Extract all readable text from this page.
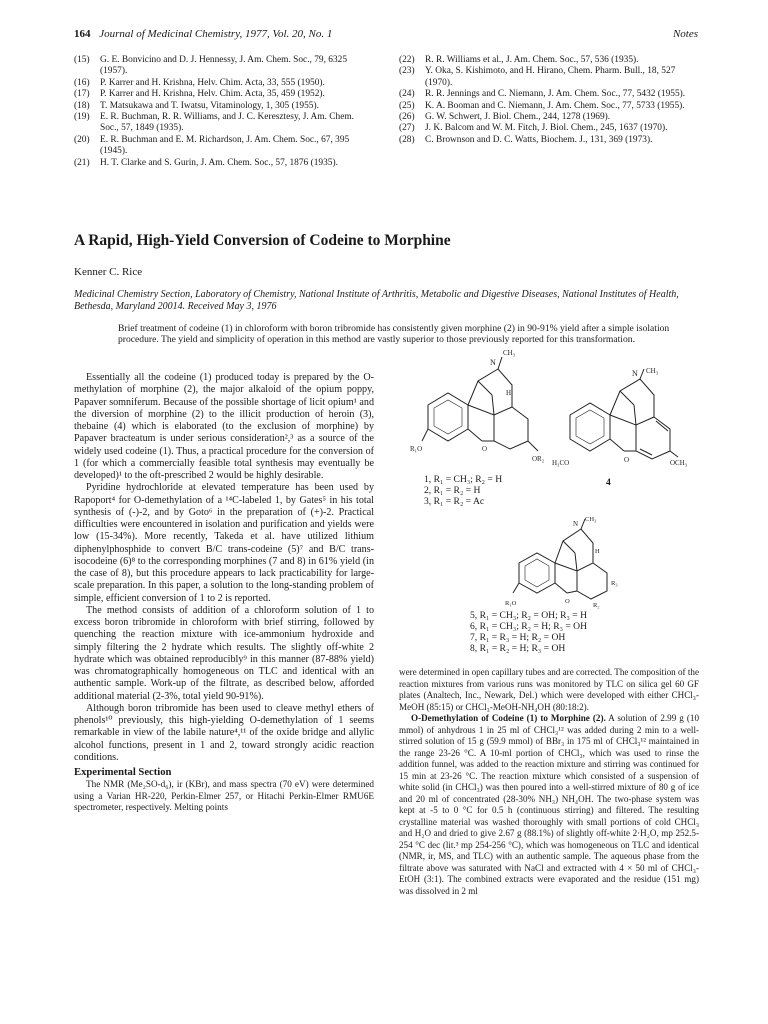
164 Journal of Medicinal Chemistry, 1977, Vol. 20, No. 1	Notes
(15)	G. E. Bonvicino and D. J. Hennessy, J. Am. Chem. Soc., 79, 6325 (1957).
(16)	P. Karrer and H. Krishna, Helv. Chim. Acta, 33, 555 (1950).
(17)	P. Karrer and H. Krishna, Helv. Chim. Acta, 35, 459 (1952).
(18)	T. Matsukawa and T. Iwatsu, Vitaminology, 1, 305 (1955).
(19)	E. R. Buchman, R. R. Williams, and J. C. Keresztesy, J. Am. Chem. Soc., 57, 1849 (1935).
(20)	E. R. Buchman and E. M. Richardson, J. Am. Chem. Soc., 67, 395 (1945).
(21)	H. T. Clarke and S. Gurin, J. Am. Chem. Soc., 57, 1876 (1935).
(22)	R. R. Williams et al., J. Am. Chem. Soc., 57, 536 (1935).
(23)	Y. Oka, S. Kishimoto, and H. Hirano, Chem. Pharm. Bull., 18, 527 (1970).
(24)	R. R. Jennings and C. Niemann, J. Am. Chem. Soc., 77, 5432 (1955).
(25)	K. A. Booman and C. Niemann, J. Am. Chem. Soc., 77, 5733 (1955).
(26)	G. W. Schwert, J. Biol. Chem., 244, 1278 (1969).
(27)	J. K. Balcom and W. M. Fitch, J. Biol. Chem., 245, 1637 (1970).
(28)	C. Brownson and D. C. Watts, Biochem. J., 131, 369 (1973).
A Rapid, High-Yield Conversion of Codeine to Morphine
Kenner C. Rice
Medicinal Chemistry Section, Laboratory of Chemistry, National Institute of Arthritis, Metabolic and Digestive Diseases, National Institutes of Health, Bethesda, Maryland 20014. Received May 3, 1976
Brief treatment of codeine (1) in chloroform with boron tribromide has consistently given morphine (2) in 90-91% yield after a simple isolation procedure. The yield and simplicity of operation in this method are vastly superior to those previously reported for this transformation.

Essentially all the codeine (1) produced today is prepared by the O-methylation of morphine (2), the major alkaloid of the opium poppy, Papaver somniferum. Because of the possible shortage of licit opium¹ and the diversion of morphine (2) to the illicit production of heroin (3), thebaine (4) which is elaborated (to the exclusion of morphine) by Papaver bracteatum is under serious consideration²,³ as a source of the widely used codeine (1). Thus, a practical procedure for the conversion of 1 (for which a commercially feasible total synthesis may eventually be developed)¹ to the oft-prescribed 2 would be highly desirable.

Pyridine hydrochloride at elevated temperature has been used by Rapoport⁴ for O-demethylation of a ¹⁴C-labeled 1, by Gates⁵ in his total synthesis of (-)-2, and by Goto⁶ in the preparation of (+)-2. Practical difficulties were encountered in isolation and purification and yields were low (15-34%). More recently, Takeda et al. have utilized lithium diphenylphosphide to convert B/C trans-codeine (5)⁷ and B/C trans-isocodeine (6)⁸ to the corresponding morphines (7 and 8) in 61% yield (in the case of 8), but this procedure appears to lack practicability for large-scale preparation. In this paper, a solution to the long-standing problem of simple, efficient conversion of 1 to 2 is reported.

The method consists of addition of a chloroform solution of 1 to excess boron tribromide in chloroform with brief stirring, followed by quenching the reaction mixture with ice-ammonium hydroxide and simply filtering the 2 hydrate which results. The slightly off-white 2 hydrate which was obtained reproducibly⁹ in this manner (87-88% yield) was chromatographically homogeneous on TLC and identical with an authentic sample. Work-up of the filtrate, as described below, afforded additional material (2-3%, total yield 90-91%).

Although boron tribromide has been used to cleave methyl ethers of phenols¹⁰ previously, this high-yielding O-demethylation of 1 seems remarkable in view of the labile nature⁴,¹¹ of the oxide bridge and allylic alcohol functions, present in 1 and 2, toward strongly acidic reaction conditions.

Experimental Section

The NMR (Me₂SO-d₆), ir (KBr), and mass spectra (70 eV) were determined using a Varian HR-220, Perkin-Elmer 257, or Hitachi Perkin-Elmer RMU6E spectrometer, respectively. Melting points

N
CH₃
H
R₁O	O
OR₂
1, R₁ = CH₃; R₂ = H
2, R₁ = R₂ = H
3, R₁ = R₂ = Ac
N CH₃
H₃CO	O	OCH₃
4
N
CH₃
H
R₁O	O
R₂
R₃
5, R₁ = CH₃; R₂ = OH; R₃ = H
6, R₁ = CH₃; R₂ = H; R₃ = OH
7, R₁ = R₃ = H; R₂ = OH
8, R₁ = R₂ = H; R₃ = OH

were determined in open capillary tubes and are corrected. The composition of the reaction mixtures from various runs was monitored by TLC on silica gel 60 GF plates (Analtech, Inc., Newark, Del.) which were developed with either CHCl₃-MeOH (85:15) or CHCl₃-MeOH-NH₄OH (80:18:2).

O-Demethylation of Codeine (1) to Morphine (2). A solution of 2.99 g (10 mmol) of anhydrous 1 in 25 ml of CHCl₃¹² was added during 2 min to a well-stirred solution of 15 g (59.9 mmol) of BBr₃ in 175 ml of CHCl₃¹² maintained in the range 23-26 °C. A 10-ml portion of CHCl₃, which was used to rinse the addition funnel, was added to the reaction mixture and stirring was continued for 15 min at 23-26 °C. The reaction mixture which consisted of a suspension of white solid (in CHCl₃) was then poured into a well-stirred mixture of 80 g of ice and 20 ml of concentrated (28-30% NH₃) NH₄OH. The two-phase system was kept at -5 to 0 °C for 0.5 h (continuous stirring) and filtered. The resulting crystalline material was washed thoroughly with small portions of cold CHCl₃ and H₂O and dried to give 2.67 g (88.1%) of slightly off-white 2·H₂O, mp 252.5-254 °C dec (lit.³ mp 254-256 °C), which was homogeneous on TLC and identical (NMR, ir, MS, and TLC) with an authentic sample. The aqueous phase from the filtrate above was saturated with NaCl and extracted with 4 × 50 ml of CHCl₃-EtOH (3:1). The combined extracts were evaporated and the residue (151 mg) was dissolved in 2 ml
